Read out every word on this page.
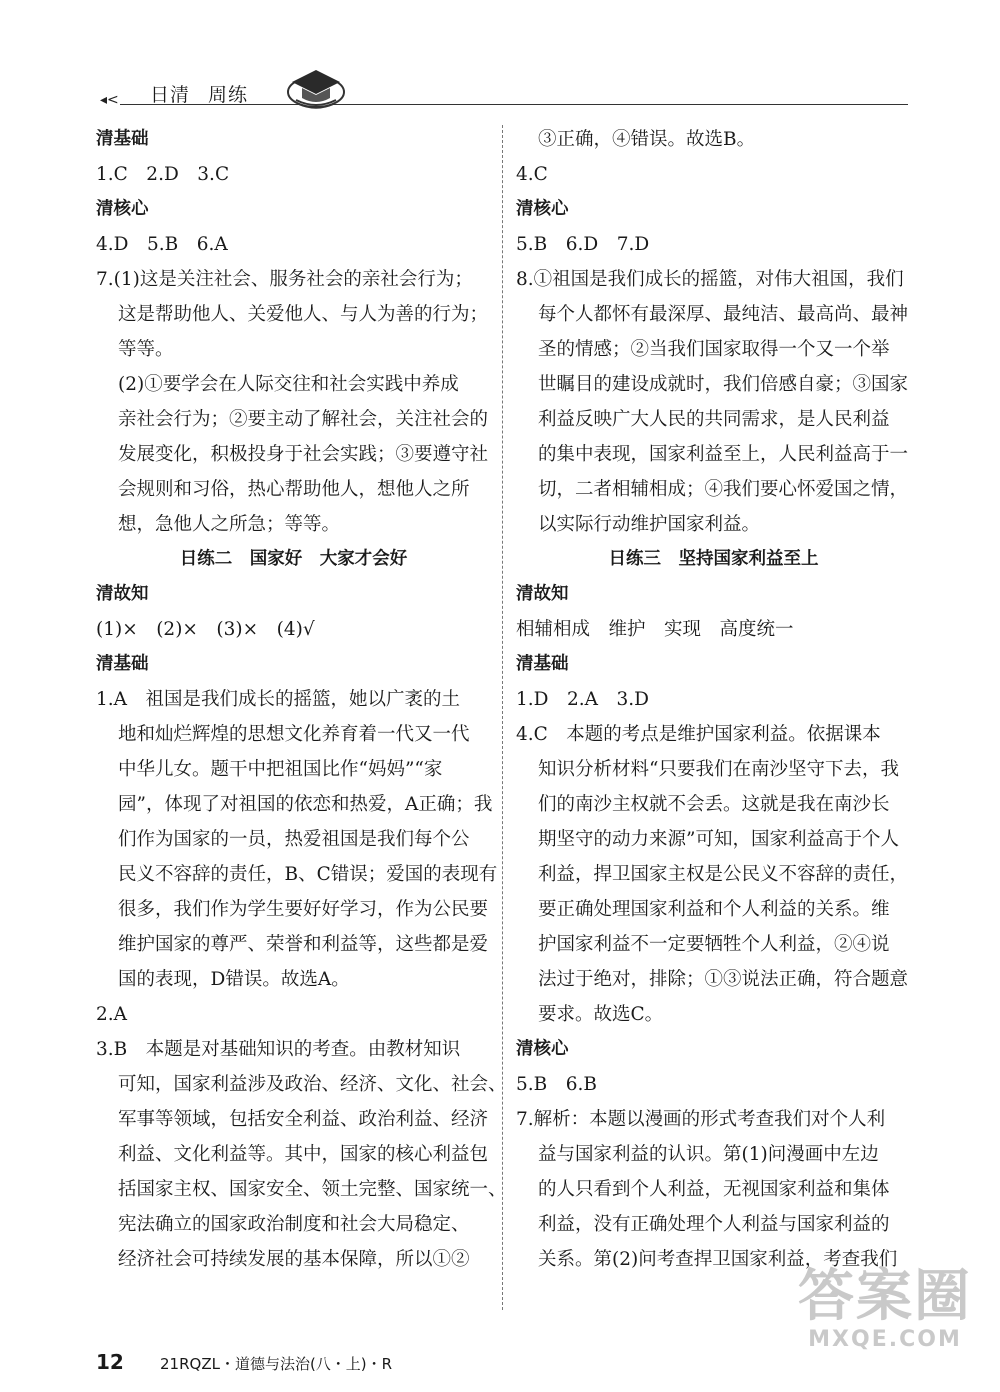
◂< 日清 周练
清基础
1.C　2.D　3.C
清核心
4.D　5.B　6.A
7.(1)这是关注社会、服务社会的亲社会行为；
这是帮助他人、关爱他人、与人为善的行为；
等等。
(2)①要学会在人际交往和社会实践中养成
亲社会行为；②要主动了解社会，关注社会的
发展变化，积极投身于社会实践；③要遵守社
会规则和习俗，热心帮助他人，想他人之所
想，急他人之所急；等等。
日练二　国家好　大家才会好
清故知
(1)×　(2)×　(3)×　(4)√
清基础
1.A　祖国是我们成长的摇篮，她以广袤的土
地和灿烂辉煌的思想文化养育着一代又一代
中华儿女。题干中把祖国比作“妈妈”“家
园”，体现了对祖国的依恋和热爱，A正确；我
们作为国家的一员，热爱祖国是我们每个公
民义不容辞的责任，B、C错误；爱国的表现有
很多，我们作为学生要好好学习，作为公民要
维护国家的尊严、荣誉和利益等，这些都是爱
国的表现，D错误。故选A。
2.A
3.B　本题是对基础知识的考查。由教材知识
可知，国家利益涉及政治、经济、文化、社会、
军事等领域，包括安全利益、政治利益、经济
利益、文化利益等。其中，国家的核心利益包
括国家主权、国家安全、领土完整、国家统一、
宪法确立的国家政治制度和社会大局稳定、
经济社会可持续发展的基本保障，所以①②
③正确，④错误。故选B。
4.C
清核心
5.B　6.D　7.D
8.①祖国是我们成长的摇篮，对伟大祖国，我们
每个人都怀有最深厚、最纯洁、最高尚、最神
圣的情感；②当我们国家取得一个又一个举
世瞩目的建设成就时，我们倍感自豪；③国家
利益反映广大人民的共同需求，是人民利益
的集中表现，国家利益至上，人民利益高于一
切，二者相辅相成；④我们要心怀爱国之情，
以实际行动维护国家利益。
日练三　坚持国家利益至上
清故知
相辅相成　维护　实现　高度统一
清基础
1.D　2.A　3.D
4.C　本题的考点是维护国家利益。依据课本
知识分析材料“只要我们在南沙坚守下去，我
们的南沙主权就不会丢。这就是我在南沙长
期坚守的动力来源”可知，国家利益高于个人
利益，捍卫国家主权是公民义不容辞的责任，
要正确处理国家利益和个人利益的关系。维
护国家利益不一定要牺牲个人利益，②④说
法过于绝对，排除；①③说法正确，符合题意
要求。故选C。
清核心
5.B　6.B
7.解析：本题以漫画的形式考查我们对个人利
益与国家利益的认识。第(1)问漫画中左边
的人只看到个人利益，无视国家利益和集体
利益，没有正确处理个人利益与国家利益的
关系。第(2)问考查捍卫国家利益，考查我们
12 21RQZL・道德与法治(八・上)・R
答案圈
MXQE.COM
